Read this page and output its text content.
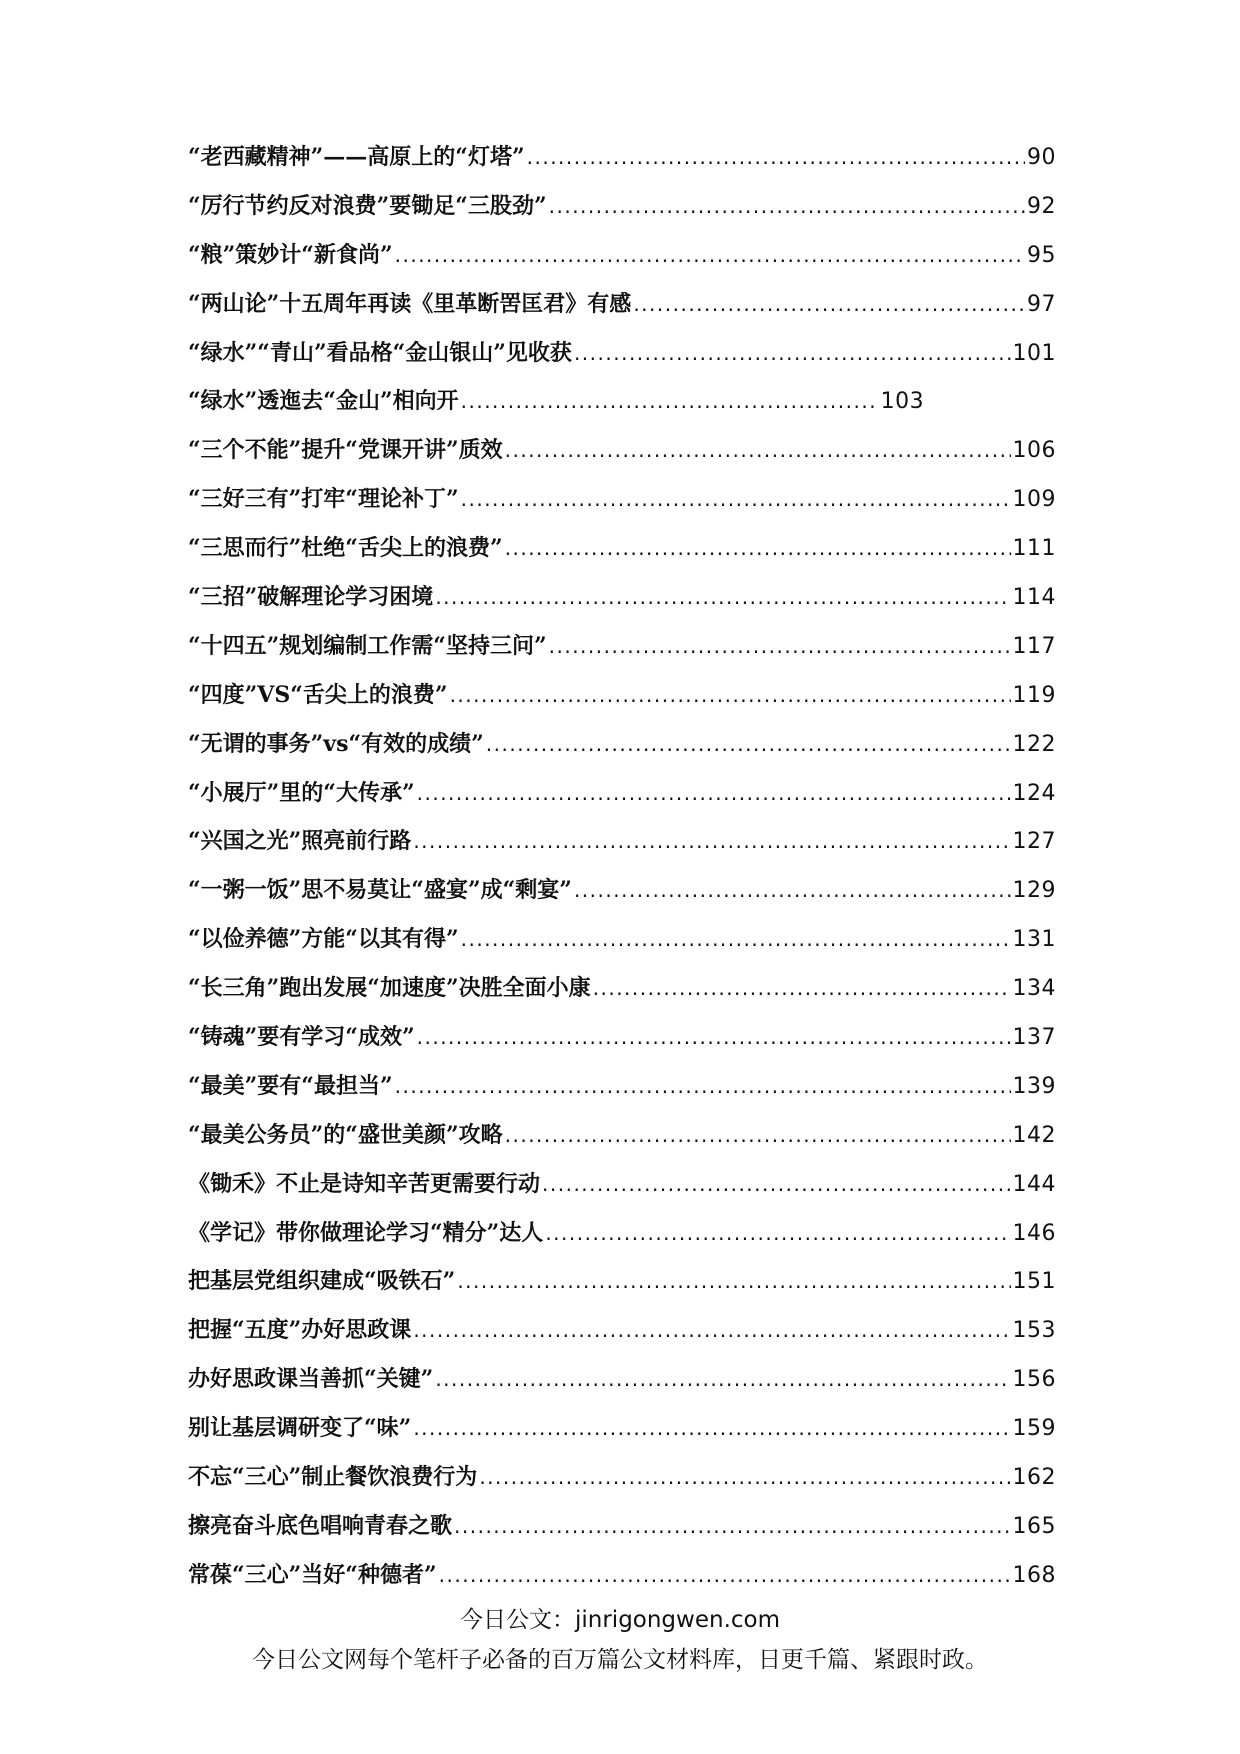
“老西藏精神”——高原上的“灯塔” .....	90
“厉行节约反对浪费”要锄足“三股劲” .....	92
“粮”策妙计“新食尚” .....	95
“两山论”十五周年再读《里革断罟匡君》有感 .....	97
“绿水”“青山”看品格“金山银山”见收获 .....	101
“绿水”透迤去“金山”相向开 .....	103
“三个不能”提升“党课开讲”质效 .....	106
“三好三有”打牢“理论补丁” .....	109
“三思而行”杜绝“舌尖上的浪费” .....	111
“三招”破解理论学习困境 .....	114
“十四五”规划编制工作需“坚持三问” .....	117
“四度”VS“舌尖上的浪费” .....	119
“无谓的事务”vs“有效的成绩” .....	122
“小展厅”里的“大传承” .....	124
“兴国之光”照亮前行路 .....	127
“一粥一饭”思不易莫让“盛宴”成“剩宴” .....	129
“以俭养德”方能“以其有得” .....	131
“长三角”跑出发展“加速度”决胜全面小康 .....	134
“铸魂”要有学习“成效” .....	137
“最美”要有“最担当” .....	139
“最美公务员”的“盛世美颜”攻略 .....	142
《锄禾》不止是诗知辛苦更需要行动 .....	144
《学记》带你做理论学习“精分”达人 .....	146
把基层党组织建成“吸铁石” .....	151
把握“五度”办好思政课 .....	153
办好思政课当善抓“关键” .....	156
别让基层调研变了“味” .....	159
不忘“三心”制止餐饮浪费行为 .....	162
擦亮奋斗底色唱响青春之歌 .....	165
常葆“三心”当好“种德者” .....	168
今日公文：jinrigongwen.com
今日公文网每个笔杆子必备的百万篇公文材料库，日更千篇、紧跟时政。
